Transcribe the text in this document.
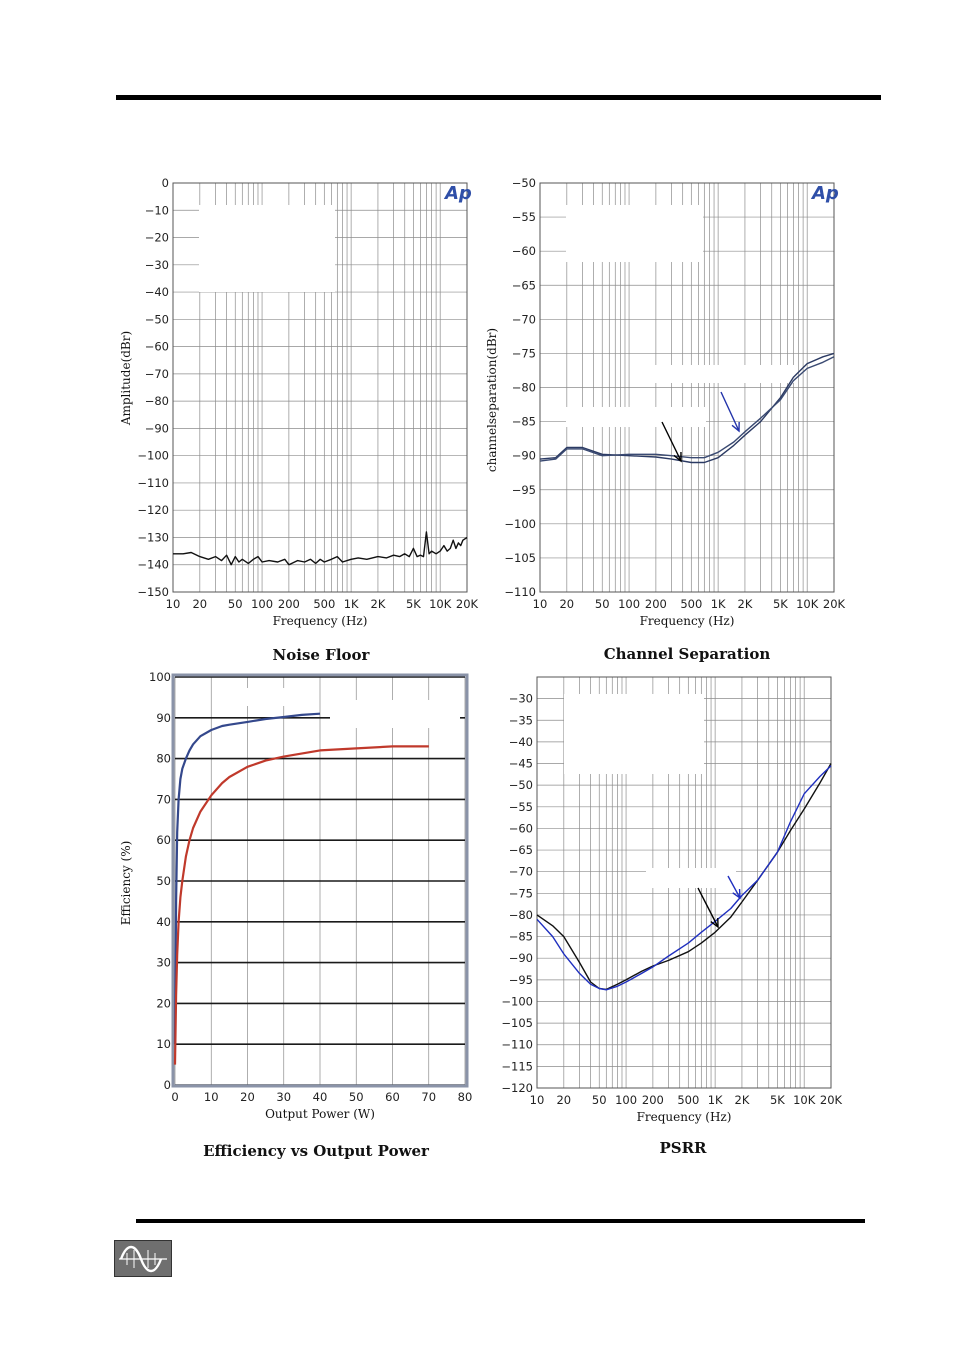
Noise Floor	Channel Separation
Efficiency vs Output Power	PSRR
0
−10
−20
−30
−40
−50
−60
−70
−80
−90
−100
−110
−120
−130
−140
−150
10 20 50 100 200 500 1K 2K 5K 10K 20K
Frequency (Hz)
Amplitude(dBr)
Ap	−50
−55
−60
−65
−70
−75
−80
−85
−90
−95
−100
−105
−110
10 20 50 100 200 500 1K 2K 5K 10K 20K
Frequency (Hz)
channelseparation(dBr)
Ap
0
10
20
30
40
50
60
70
80
90
100
0 10 20 30 40 50 60 70 80
Output Power (W)
Efficiency (%)
−30
−35
−40
−45
−50
−55
−60
−65
−70
−75
−80
−85
−90
−95
−100
−105
−110
−115
−120
10 20 50 100 200 500 1K 2K 5K 10K 20K
Frequency (Hz)
